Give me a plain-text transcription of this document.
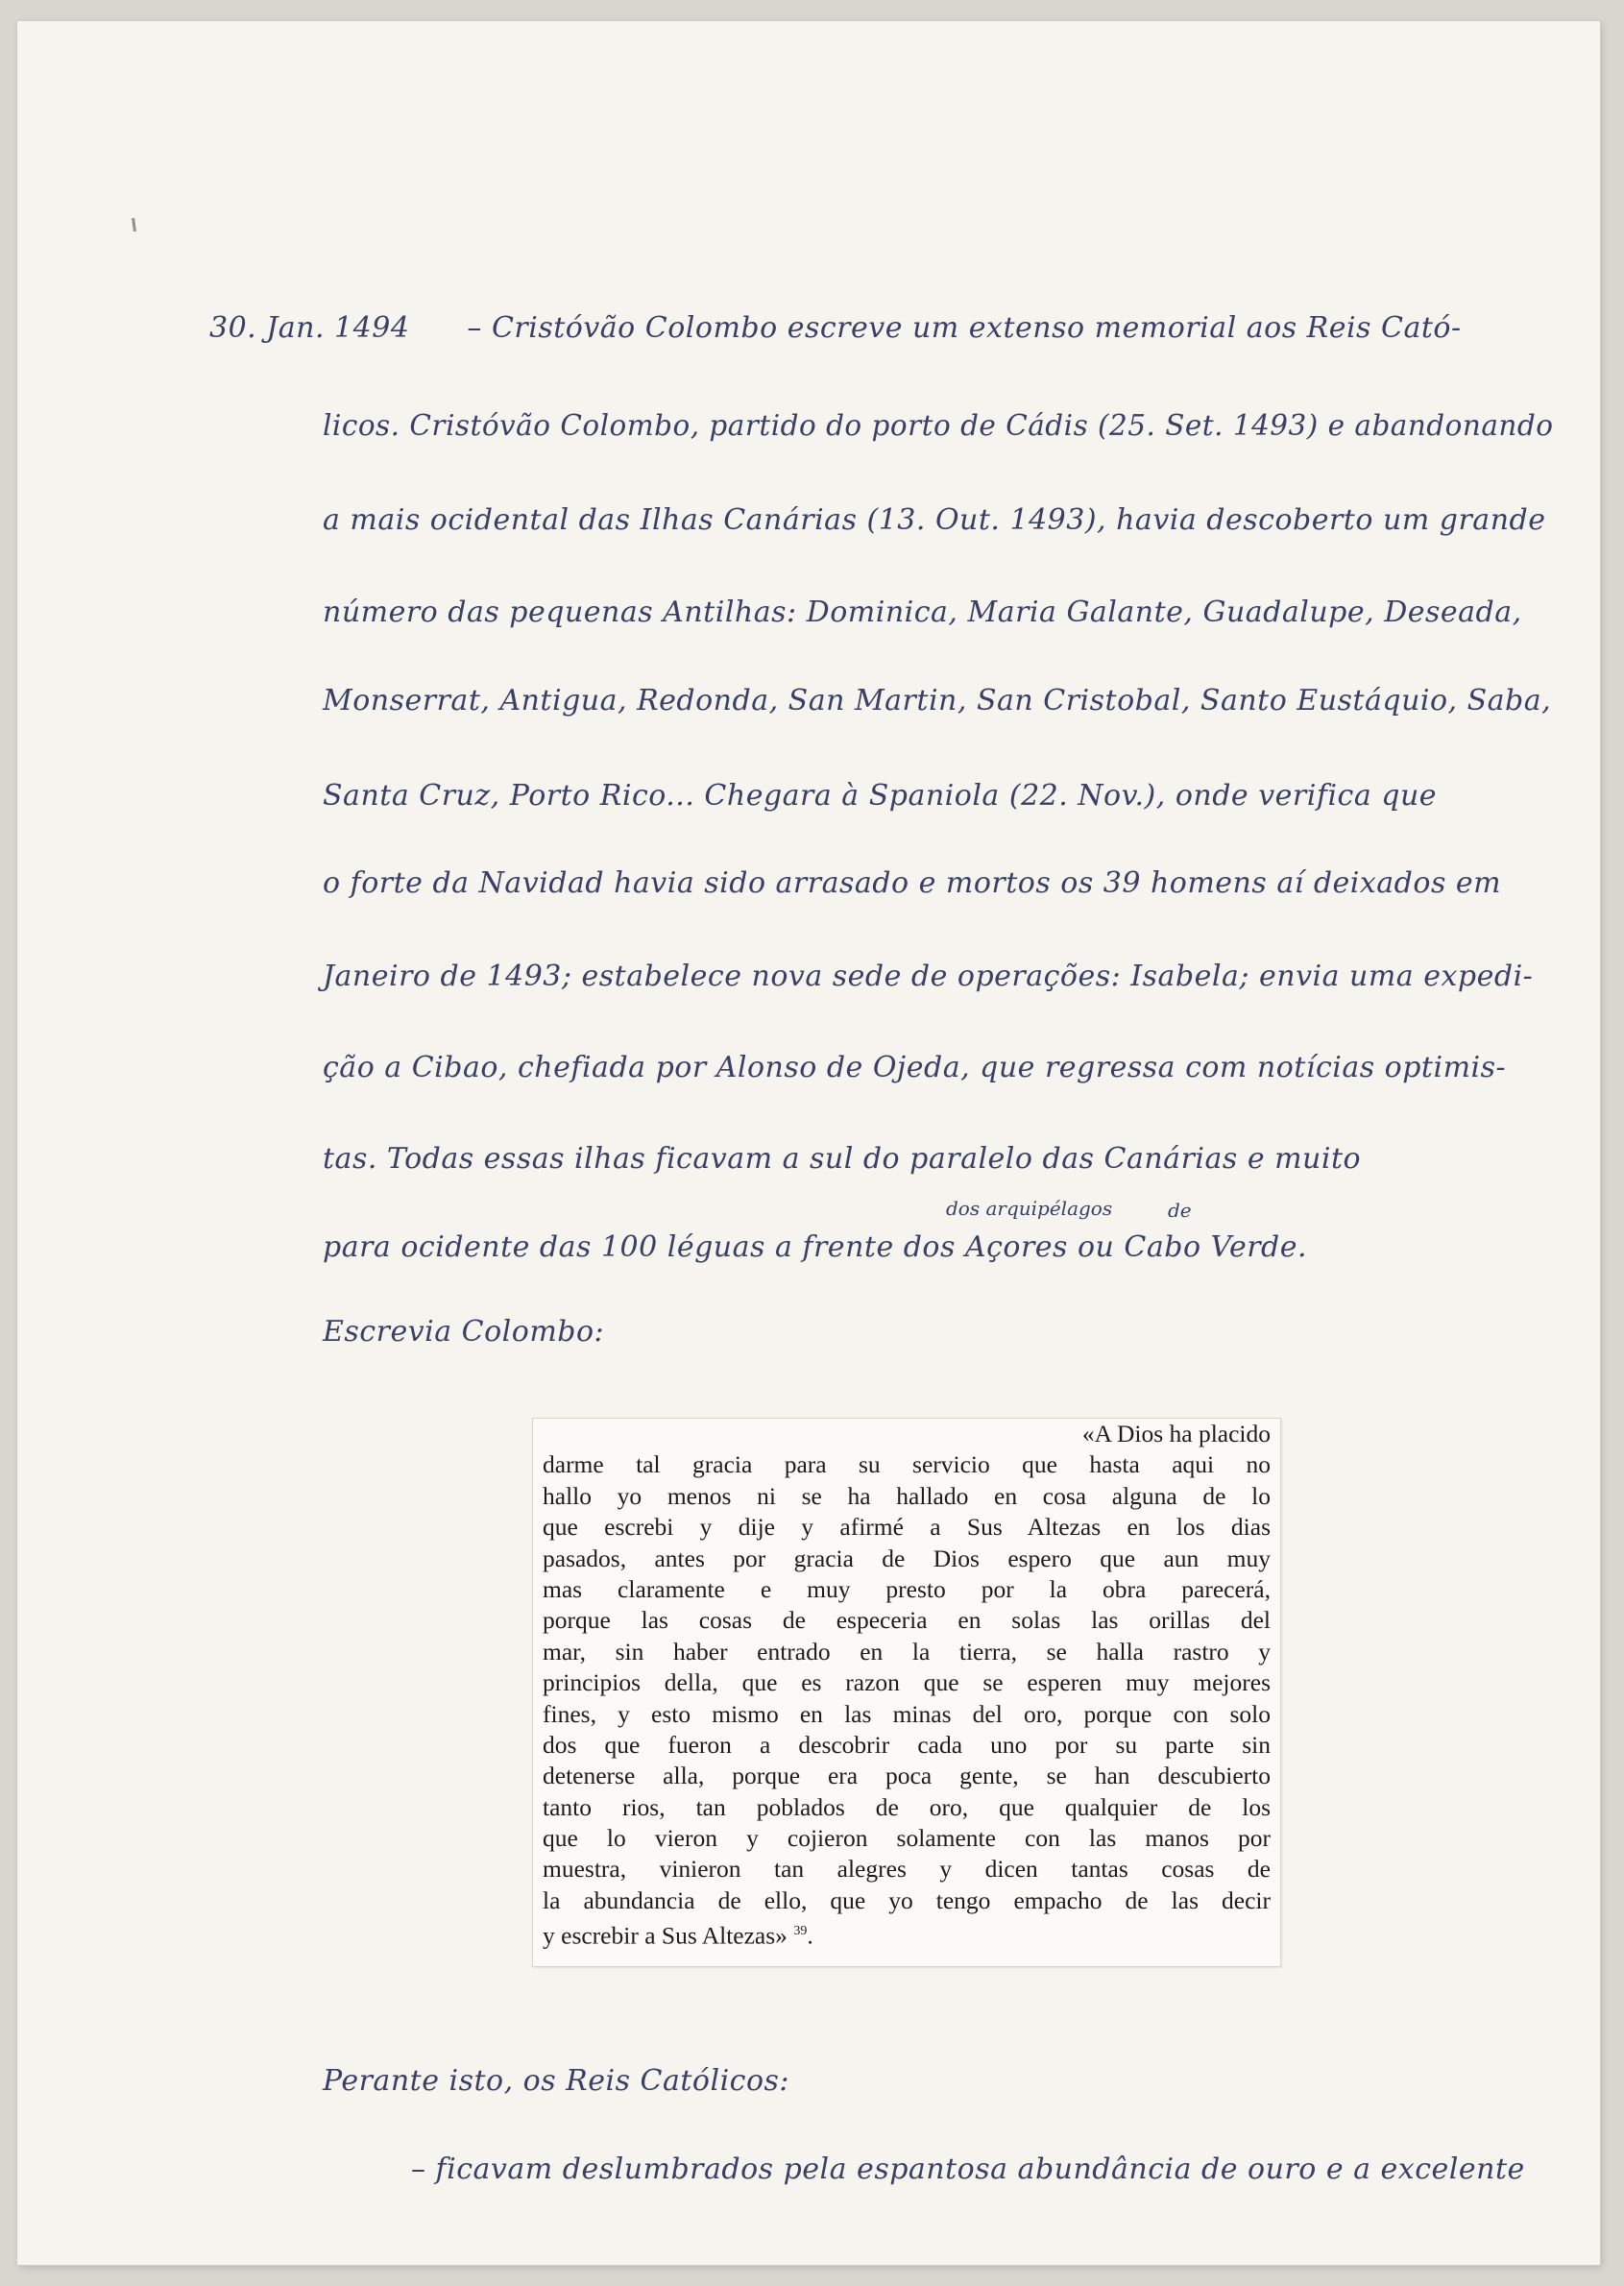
30. Jan. 1494 – Cristóvão Colombo escreve um extenso memorial aos Reis Cató-
licos. Cristóvão Colombo, partido do porto de Cádis (25. Set. 1493) e abandonando
a mais ocidental das Ilhas Canárias (13. Out. 1493), havia descoberto um grande
número das pequenas Antilhas: Dominica, Maria Galante, Guadalupe, Deseada,
Monserrat, Antigua, Redonda, San Martin, San Cristobal, Santo Eustáquio, Saba,
Santa Cruz, Porto Rico... Chegara à Spaniola (22. Nov.), onde verifica que
o forte da Navidad havia sido arrasado e mortos os 39 homens aí deixados em
Janeiro de 1493; estabelece nova sede de operações: Isabela; envia uma expedi-
ção a Cibao, chefiada por Alonso de Ojeda, que regressa com notícias optimis-
tas. Todas essas ilhas ficavam a sul do paralelo das Canárias e muito
dos arquipélagos	de
para ocidente das 100 léguas a frente dos Açores ou Cabo Verde.
Escrevia Colombo:
«A Dios ha placido
darme tal gracia para su servicio que hasta aqui no
hallo yo menos ni se ha hallado en cosa alguna de lo
que escrebi y dije y afirmé a Sus Altezas en los dias
pasados, antes por gracia de Dios espero que aun muy
mas claramente e muy presto por la obra parecerá,
porque las cosas de especeria en solas las orillas del
mar, sin haber entrado en la tierra, se halla rastro y
principios della, que es razon que se esperen muy mejores
fines, y esto mismo en las minas del oro, porque con solo
dos que fueron a descobrir cada uno por su parte sin
detenerse alla, porque era poca gente, se han descubierto
tanto rios, tan poblados de oro, que qualquier de los
que lo vieron y cojieron solamente con las manos por
muestra, vinieron tan alegres y dicen tantas cosas de
la abundancia de ello, que yo tengo empacho de las decir
y escrebir a Sus Altezas» $^{39}$.
Perante isto, os Reis Católicos:
– ficavam deslumbrados pela espantosa abundância de ouro e a excelente
